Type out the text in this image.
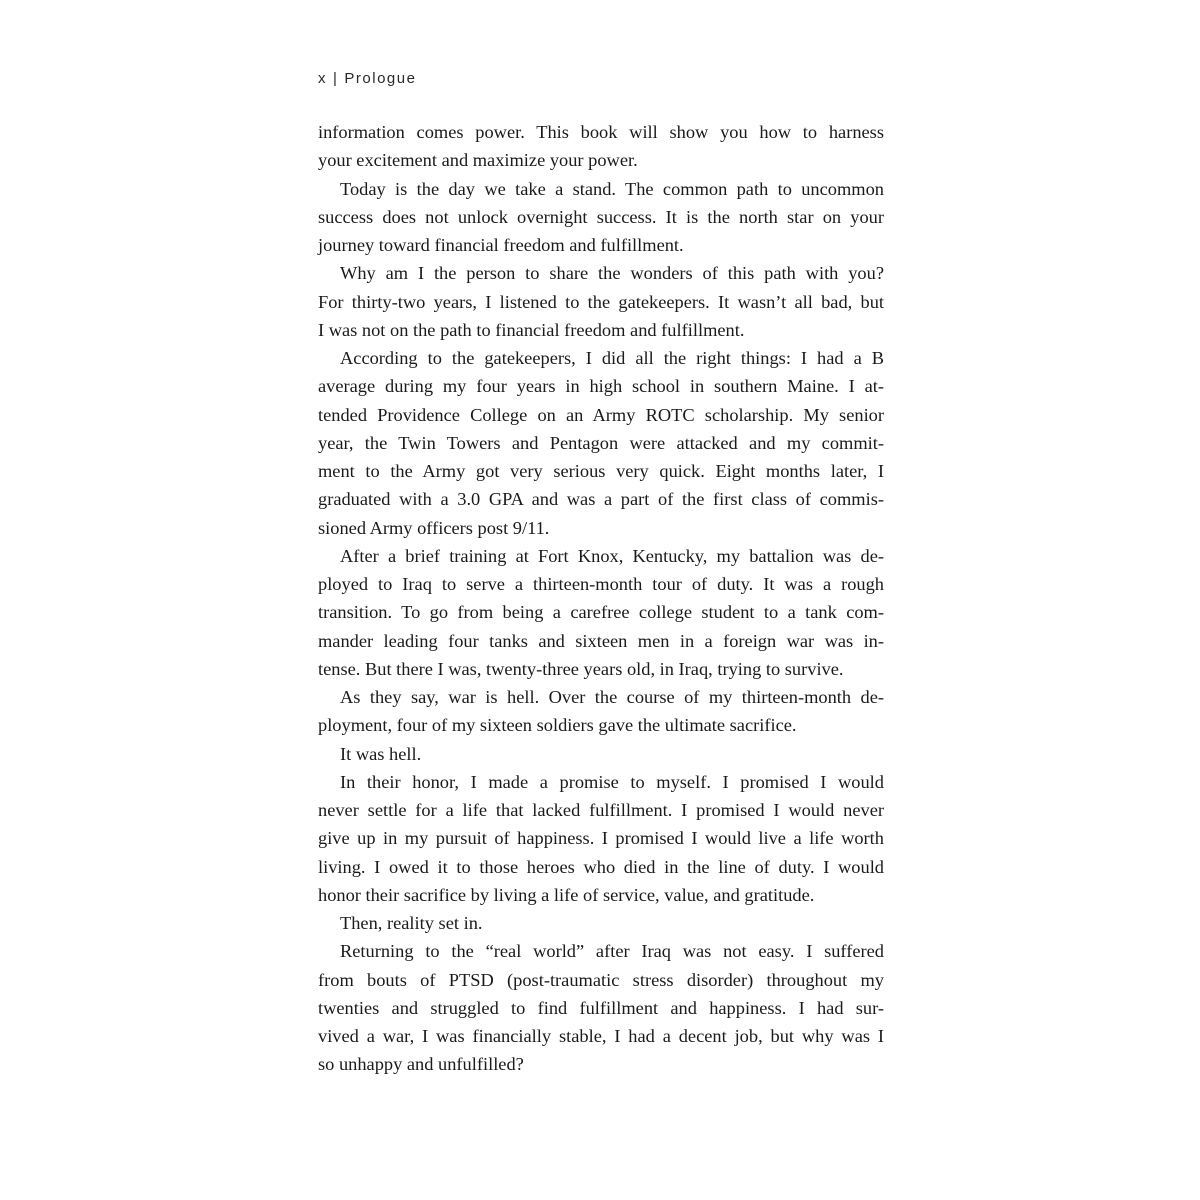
x | Prologue

information comes power. This book will show you how to harness
your excitement and maximize your power.

Today is the day we take a stand. The common path to uncommon
success does not unlock overnight success. It is the north star on your
journey toward financial freedom and fulfillment.

Why am I the person to share the wonders of this path with you?
For thirty-two years, I listened to the gatekeepers. It wasn’t all bad, but
I was not on the path to financial freedom and fulfillment.

According to the gatekeepers, I did all the right things: I had a B
average during my four years in high school in southern Maine. I at-
tended Providence College on an Army ROTC scholarship. My senior
year, the Twin Towers and Pentagon were attacked and my commit-
ment to the Army got very serious very quick. Eight months later, I
graduated with a 3.0 GPA and was a part of the first class of commis-
sioned Army officers post 9/11.

After a brief training at Fort Knox, Kentucky, my battalion was de-
ployed to Iraq to serve a thirteen-month tour of duty. It was a rough
transition. To go from being a carefree college student to a tank com-
mander leading four tanks and sixteen men in a foreign war was in-
tense. But there I was, twenty-three years old, in Iraq, trying to survive.

As they say, war is hell. Over the course of my thirteen-month de-
ployment, four of my sixteen soldiers gave the ultimate sacrifice.

It was hell.

In their honor, I made a promise to myself. I promised I would
never settle for a life that lacked fulfillment. I promised I would never
give up in my pursuit of happiness. I promised I would live a life worth
living. I owed it to those heroes who died in the line of duty. I would
honor their sacrifice by living a life of service, value, and gratitude.

Then, reality set in.

Returning to the “real world” after Iraq was not easy. I suffered
from bouts of PTSD (post-traumatic stress disorder) throughout my
twenties and struggled to find fulfillment and happiness. I had sur-
vived a war, I was financially stable, I had a decent job, but why was I
so unhappy and unfulfilled?
